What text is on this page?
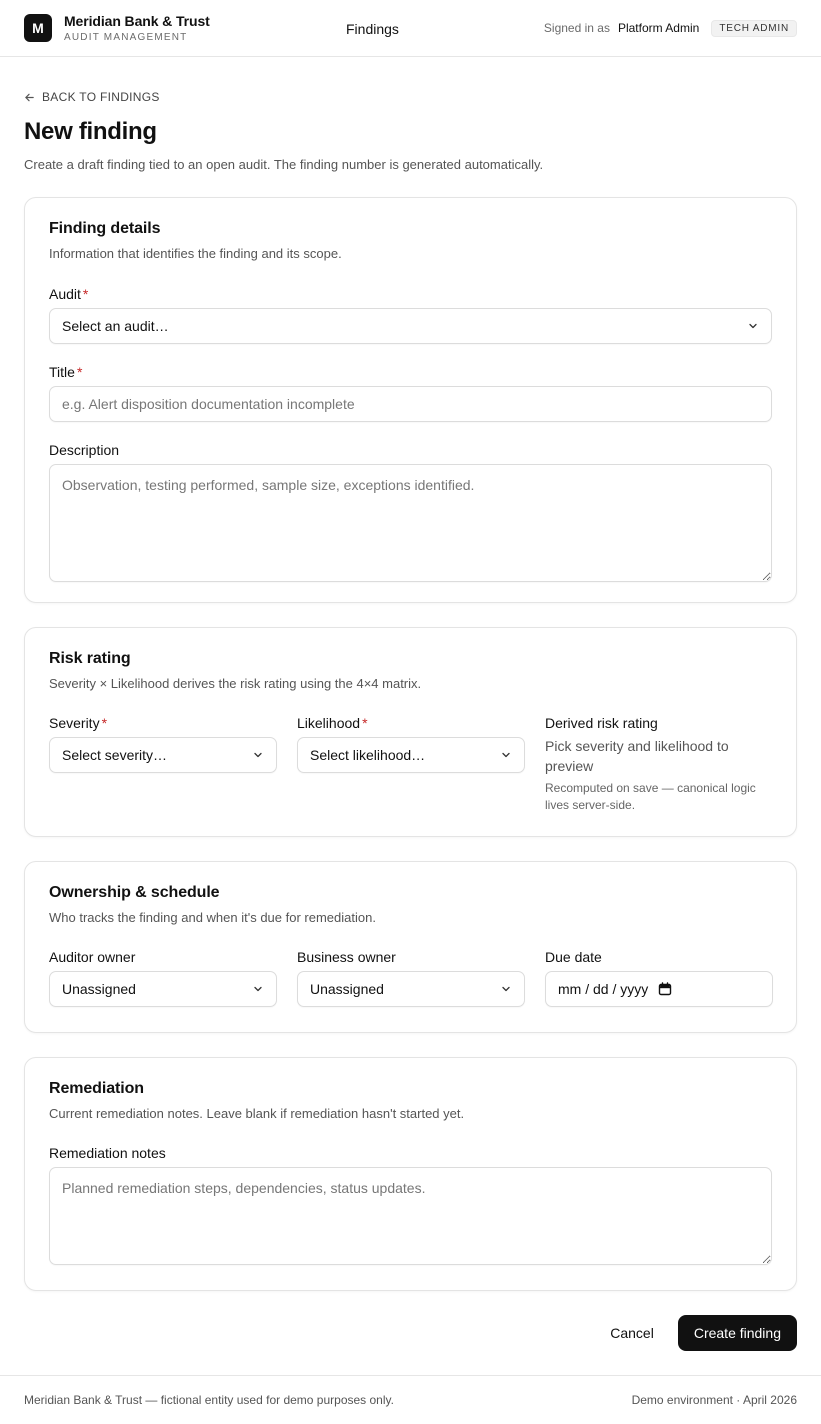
M	Meridian Bank & Trust
AUDIT MANAGEMENT
Findings	Signed in as Platform Admin	TECH ADMIN
BACK TO FINDINGS
New finding

Create a draft finding tied to an open audit. The finding number is generated automatically.

Finding details

Information that identifies the finding and its scope.

Audit *
Select an audit…
Title *
e.g. Alert disposition documentation incomplete
Description
Observation, testing performed, sample size, exceptions identified.
Risk rating

Severity × Likelihood derives the risk rating using the 4×4 matrix.

Severity *
Select severity…
Likelihood *
Select likelihood…
Derived risk rating
Pick severity and likelihood to preview
Recomputed on save — canonical logic lives server-side.
Ownership & schedule

Who tracks the finding and when it's due for remediation.

Auditor owner
Unassigned
Business owner
Unassigned
Due date
mm / dd / yyyy
Remediation

Current remediation notes. Leave blank if remediation hasn't started yet.

Remediation notes
Planned remediation steps, dependencies, status updates.
Cancel	Create finding
Meridian Bank & Trust — fictional entity used for demo purposes only.	Demo environment · April 2026
